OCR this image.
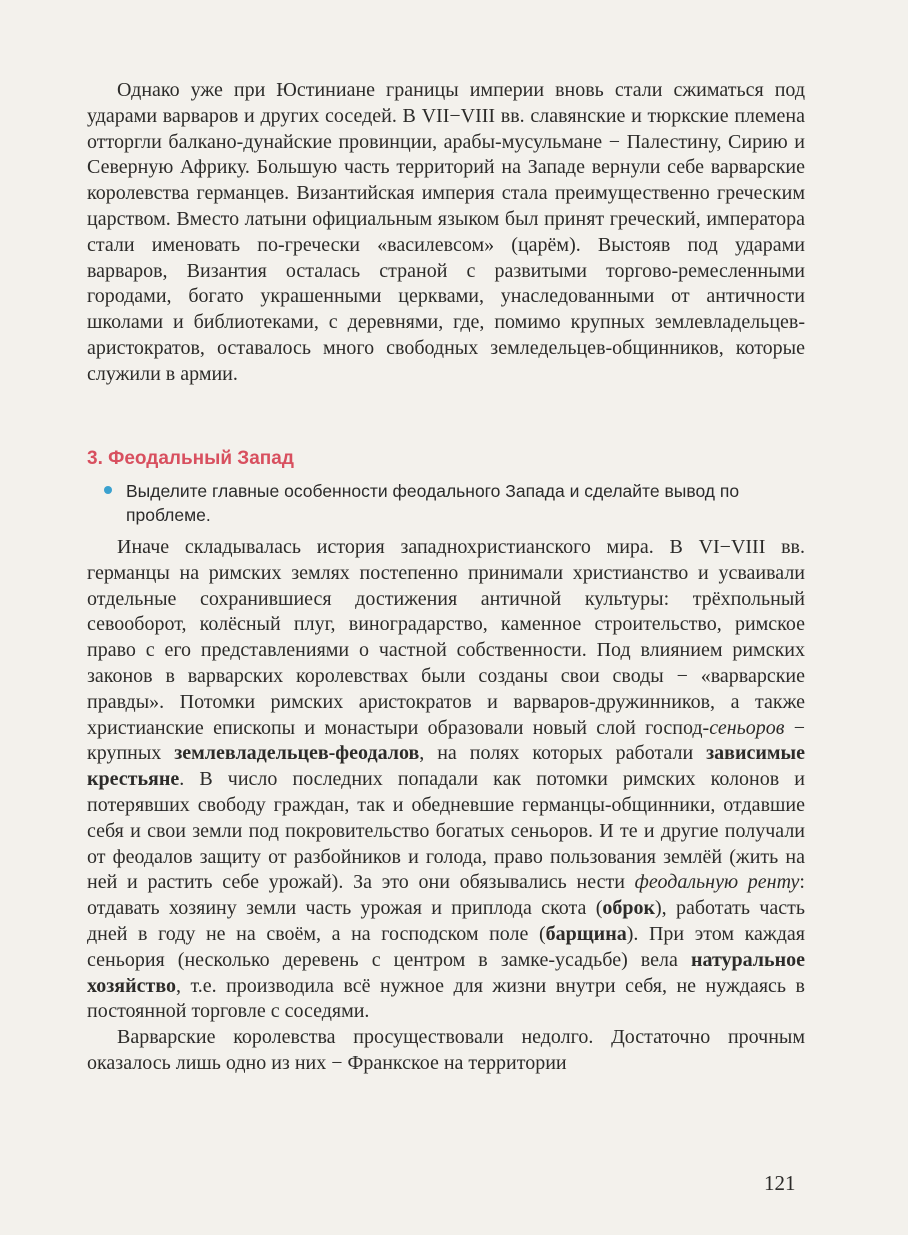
Однако уже при Юстиниане границы империи вновь стали сжиматься под ударами варваров и других соседей. В VII−VIII вв. славянские и тюркские племена отторгли балкано-дунайские провинции, арабы-мусульмане − Палестину, Сирию и Северную Африку. Большую часть территорий на Западе вернули себе варварские королевства германцев. Византийская империя стала преимущественно греческим царством. Вместо латыни официальным языком был принят греческий, императора стали именовать по-гречески «василевсом» (царём). Выстояв под ударами варваров, Византия осталась страной с развитыми торгово-ремесленными городами, богато украшенными церквами, унаследованными от античности школами и библиотеками, с деревнями, где, помимо крупных землевладельцев-аристократов, оставалось много свободных земледельцев-общинников, которые служили в армии.

3. Феодальный Запад
Выделите главные особенности феодального Запада и сделайте вывод по проблеме.

Иначе складывалась история западнохристианского мира. В VI−VIII вв. германцы на римских землях постепенно принимали христианство и усваивали отдельные сохранившиеся достижения античной культуры: трёхпольный севооборот, колёсный плуг, виноградарство, каменное строительство, римское право с его представлениями о частной собственности. Под влиянием римских законов в варварских королевствах были созданы свои своды − «варварские правды». Потомки римских аристократов и варваров-дружинников, а также христианские епископы и монастыри образовали новый слой господ-сеньоров − крупных землевладельцев-феодалов, на полях которых работали зависимые крестьяне. В число последних попадали как потомки римских колонов и потерявших свободу граждан, так и обедневшие германцы-общинники, отдавшие себя и свои земли под покровительство богатых сеньоров. И те и другие получали от феодалов защиту от разбойников и голода, право пользования землёй (жить на ней и растить себе урожай). За это они обязывались нести феодальную ренту: отдавать хозяину земли часть урожая и приплода скота (оброк), работать часть дней в году не на своём, а на господском поле (барщина). При этом каждая сеньория (несколько деревень с центром в замке-усадьбе) вела натуральное хозяйство, т.е. производила всё нужное для жизни внутри себя, не нуждаясь в постоянной торговле с соседями.

Варварские королевства просуществовали недолго. Достаточно прочным оказалось лишь одно из них − Франкское на территории

121
